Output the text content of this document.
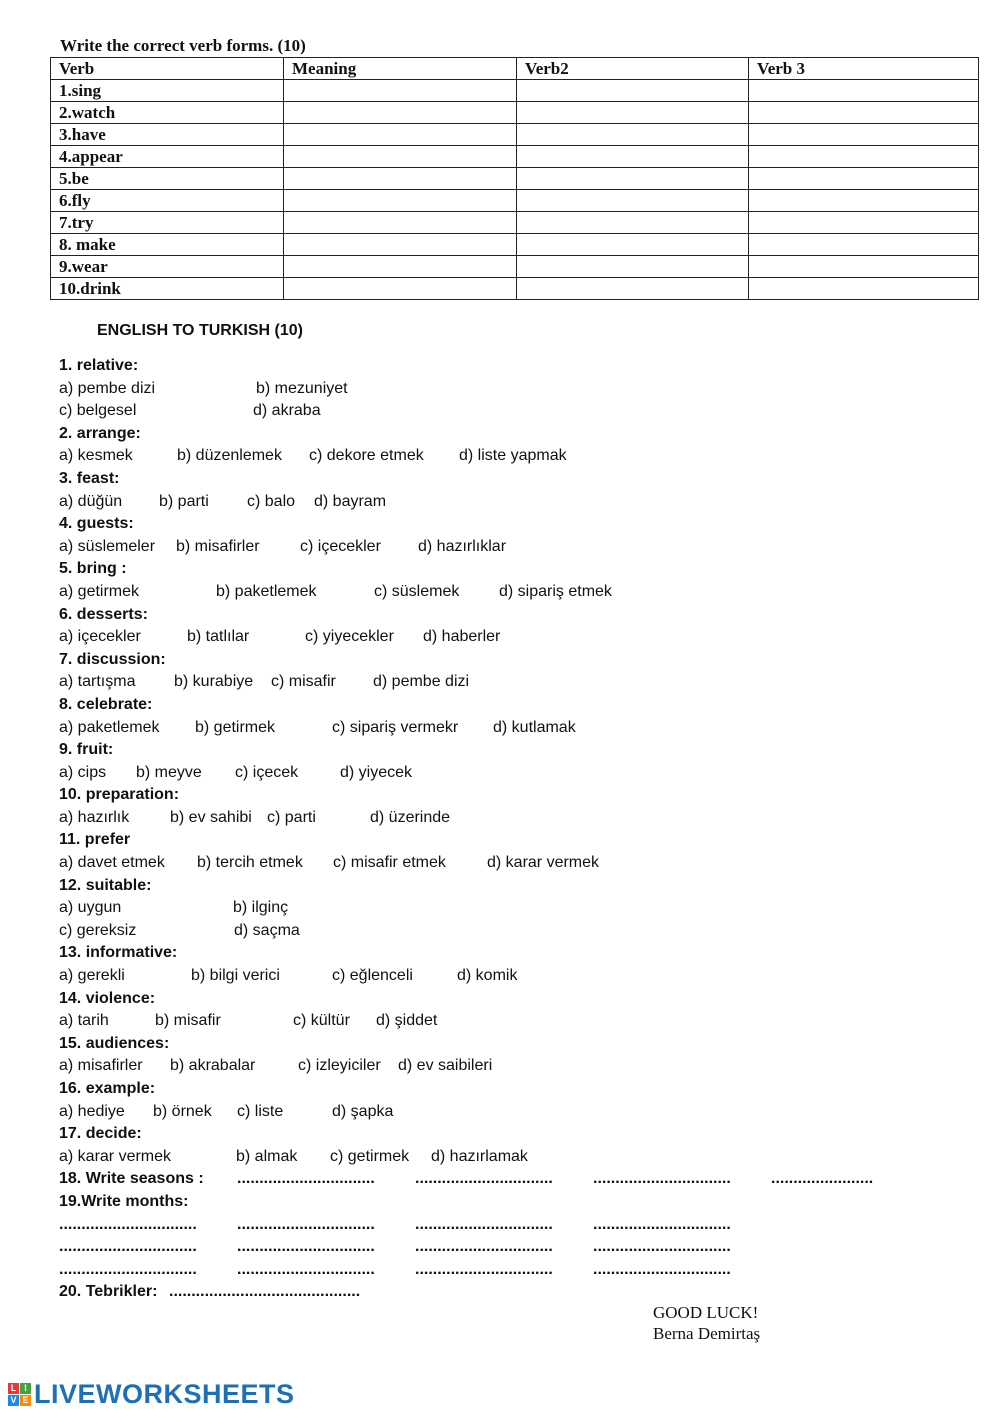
Write the correct verb forms. (10)
Verb	Meaning	Verb2	Verb 3
1.sing			
2.watch			
3.have			
4.appear			
5.be			
6.fly			
7.try			
8. make			
9.wear			
10.drink			
ENGLISH TO TURKISH (10)
1. relative:
a) pembe dizi	b) mezuniyet
c) belgesel	d) akraba
2. arrange:
a) kesmek	b) düzenlemek c) dekore etmek d) liste yapmak
3. feast:
a) düğün b) parti c) balo d) bayram
4. guests:
a) süslemeler b) misafirler	c) içecekler d) hazırlıklar
5. bring :
a) getirmek	b) paketlemek	c) süslemek d) sipariş etmek
6. desserts:
a) içecekler	b) tatlılar	c) yiyecekler d) haberler
7. discussion:
a) tartışma b) kurabiye c) misafir d) pembe dizi
8. celebrate:
a) paketlemek b) getirmek	c) sipariş vermekr d) kutlamak
9. fruit:
a) cips b) meyve c) içecek	d) yiyecek
10. preparation:
a) hazırlık	b) ev sahibi c) parti	d) üzerinde
11. prefer
a) davet etmek b) tercih etmek c) misafir etmek	d) karar vermek
12. suitable:
a) uygun	b) ilginç
c) gereksiz	d) saçma
13. informative:
a) gerekli	b) bilgi verici	c) eğlenceli	d) komik
14. violence:
a) tarih	b) misafir	c) kültür d) şiddet
15. audiences:
a) misafirler b) akrabalar	c) izleyiciler d) ev saibileri
16. example:
a) hediye b) örnek c) liste	d) şapka
17. decide:
a) karar vermek	b) almak c) getirmek d) hazırlamak
18. Write seasons : ...............................	...............................	...............................	.......................
19.Write months:
...............................	...............................	...............................	...............................
...............................	...............................	...............................	...............................
...............................	...............................	...............................	...............................
20. Tebrikler: ...........................................
GOOD LUCK!
Berna Demirtaş
L I
V E LIVEWORKSHEETS
